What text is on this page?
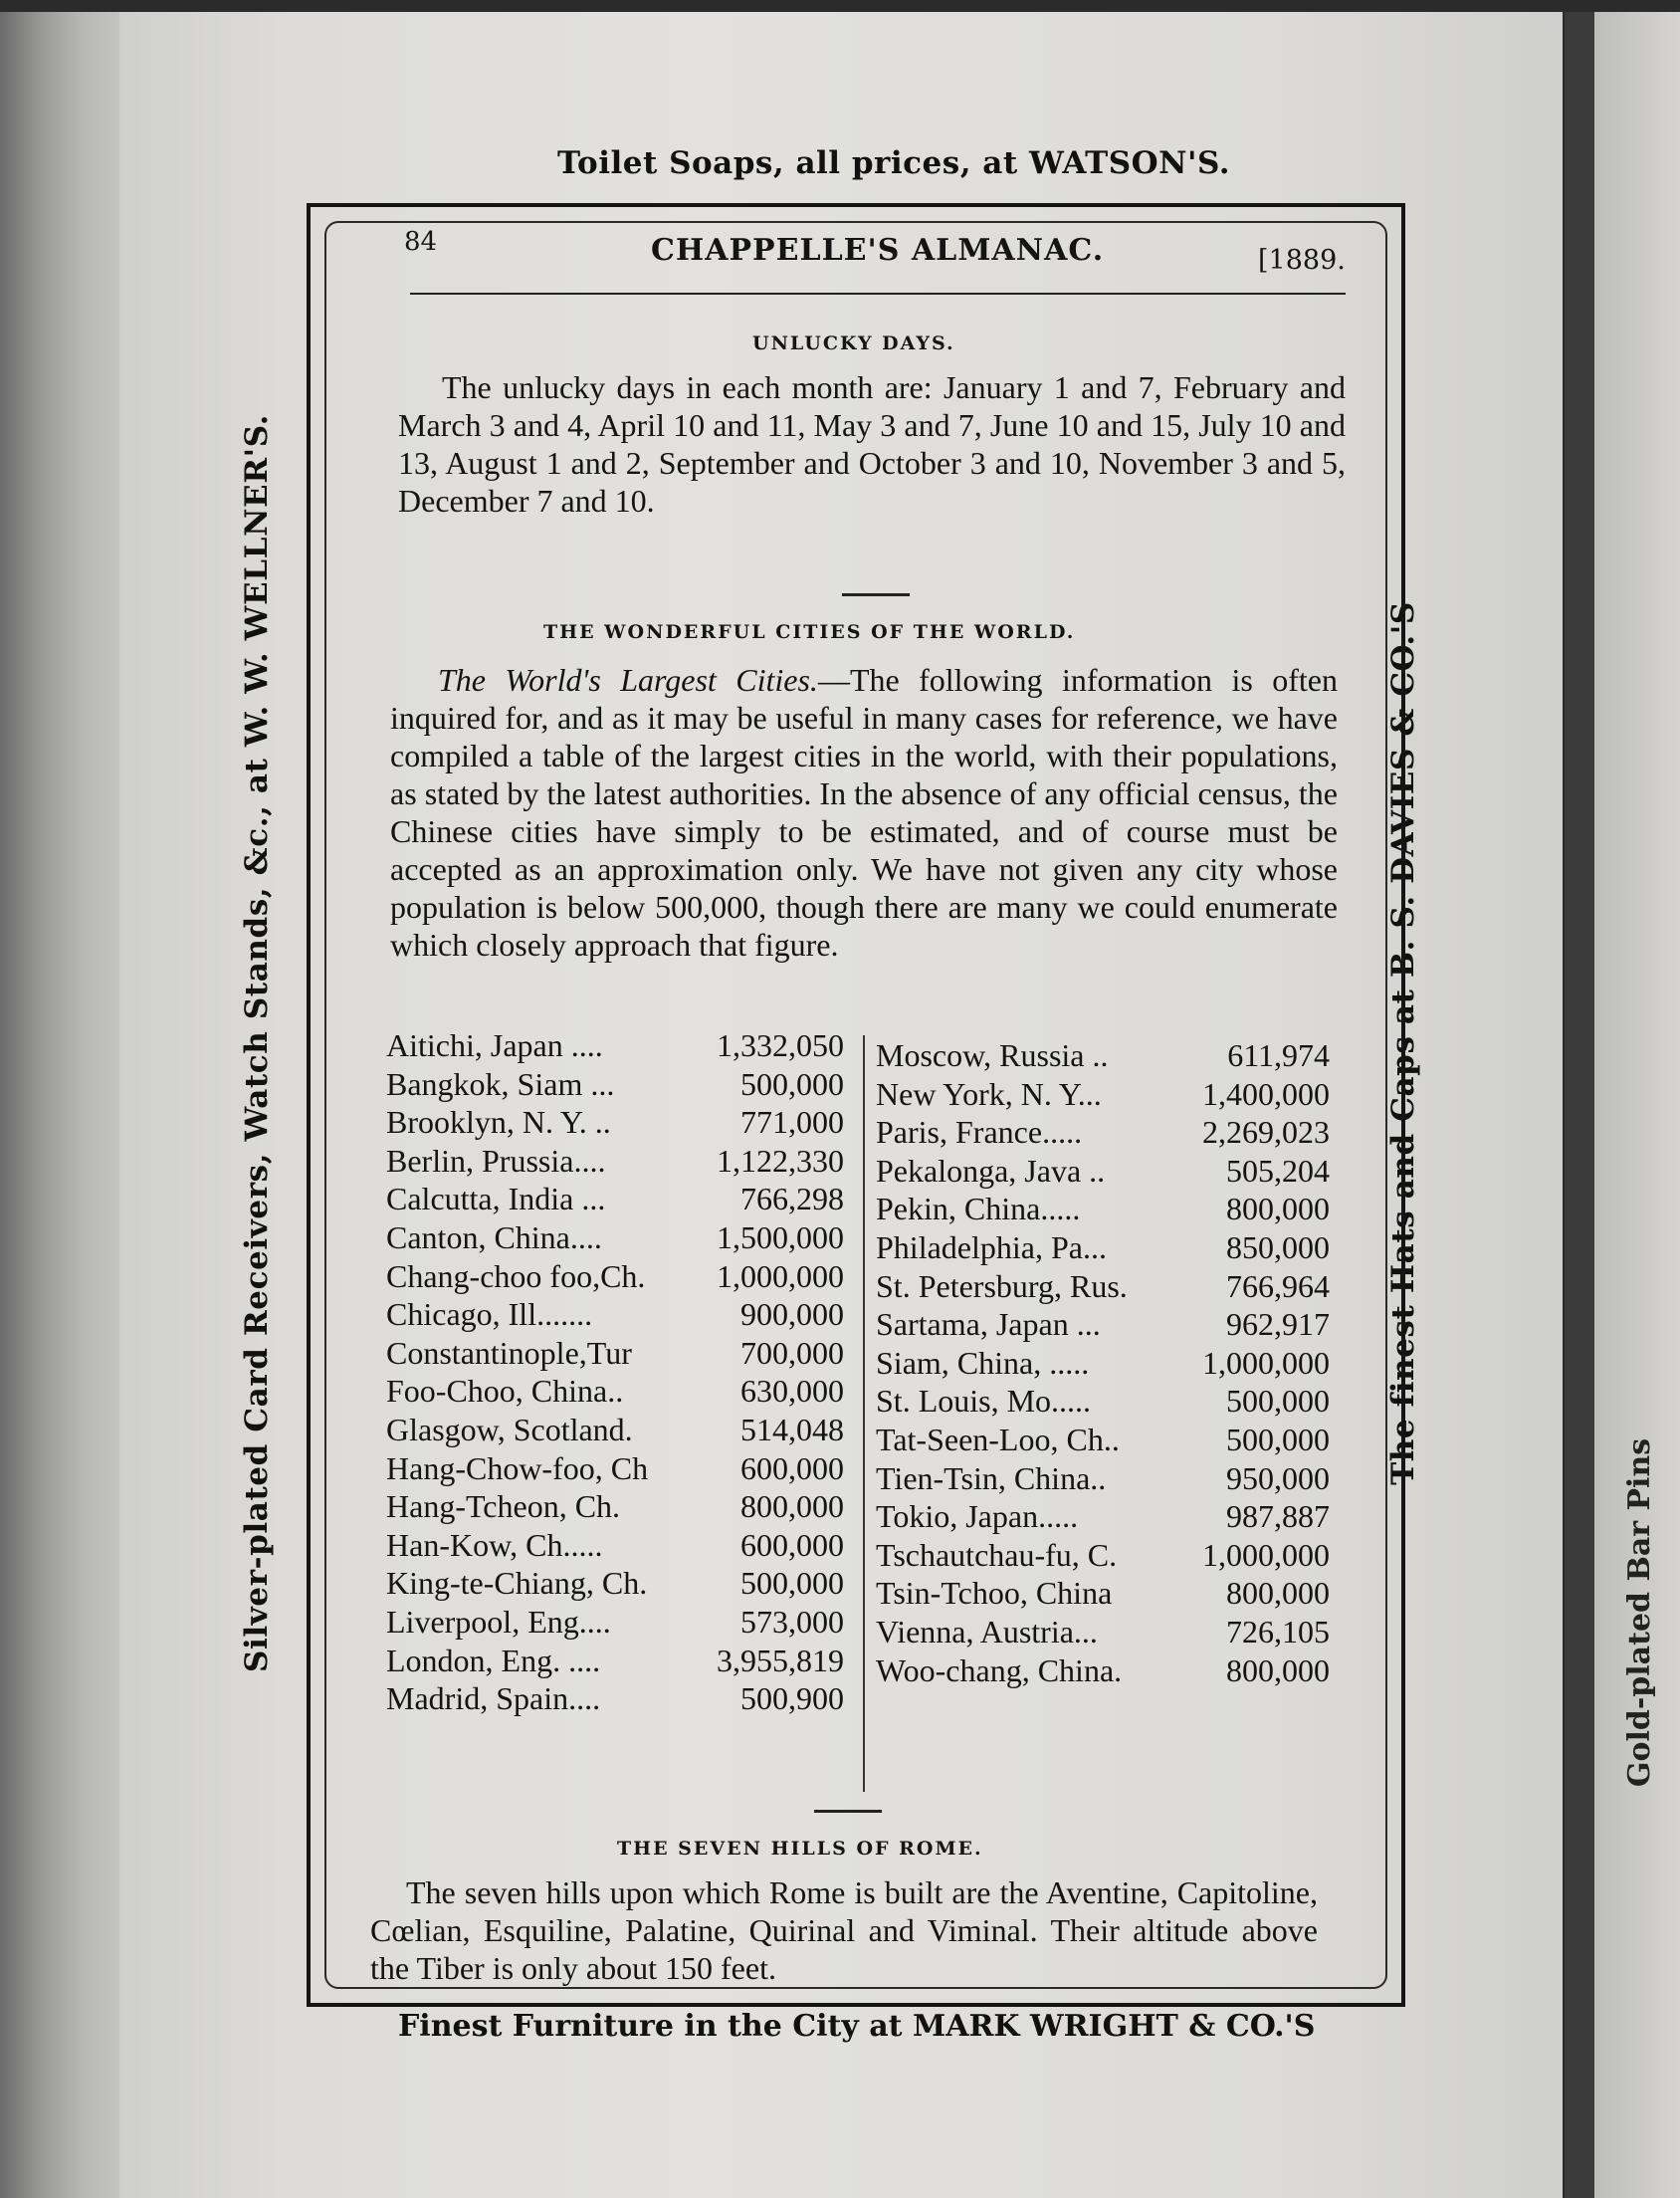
Toilet Soaps, all prices, at WATSON'S.
Silver-plated Card Receivers, Watch Stands, &c., at W. W. WELLNER'S.	The finest Hats and Caps at B. S. DAVIES & CO.'S
Gold-plated Bar Pins
84	CHAPPELLE'S ALMANAC.	[1889.
UNLUCKY DAYS.
The unlucky days in each month are: January 1 and 7, February and March 3 and 4, April 10 and 11, May 3 and 7, June 10 and 15, July 10 and 13, August 1 and 2, September and October 3 and 10, November 3 and 5, December 7 and 10.
THE WONDERFUL CITIES OF THE WORLD.
The World's Largest Cities.—The following information is often inquired for, and as it may be useful in many cases for reference, we have compiled a table of the largest cities in the world, with their populations, as stated by the latest authorities. In the absence of any official census, the Chinese cities have simply to be estimated, and of course must be accepted as an approximation only. We have not given any city whose population is below 500,000, though there are many we could enumerate which closely approach that figure.
Aitichi, Japan ....	1,332,050
Bangkok, Siam ...	500,000
Brooklyn, N. Y. ..	771,000
Berlin, Prussia....	1,122,330
Calcutta, India ...	766,298
Canton, China....	1,500,000
Chang-choo foo,Ch.	1,000,000
Chicago, Ill.......	900,000
Constantinople,Tur	700,000
Foo-Choo, China..	630,000
Glasgow, Scotland.	514,048
Hang-Chow-foo, Ch	600,000
Hang-Tcheon, Ch.	800,000
Han-Kow, Ch.....	600,000
King-te-Chiang, Ch.	500,000
Liverpool, Eng....	573,000
London, Eng. ....	3,955,819
Madrid, Spain....	500,900
Moscow, Russia ..	611,974
New York, N. Y...	1,400,000
Paris, France.....	2,269,023
Pekalonga, Java ..	505,204
Pekin, China.....	800,000
Philadelphia, Pa...	850,000
St. Petersburg, Rus.	766,964
Sartama, Japan ...	962,917
Siam, China, .....	1,000,000
St. Louis, Mo.....	500,000
Tat-Seen-Loo, Ch..	500,000
Tien-Tsin, China..	950,000
Tokio, Japan.....	987,887
Tschautchau-fu, C.	1,000,000
Tsin-Tchoo, China	800,000
Vienna, Austria...	726,105
Woo-chang, China.	800,000
THE SEVEN HILLS OF ROME.
The seven hills upon which Rome is built are the Aventine, Capitoline, Cœlian, Esquiline, Palatine, Quirinal and Viminal. Their altitude above the Tiber is only about 150 feet.
Finest Furniture in the City at MARK WRIGHT & CO.'S
